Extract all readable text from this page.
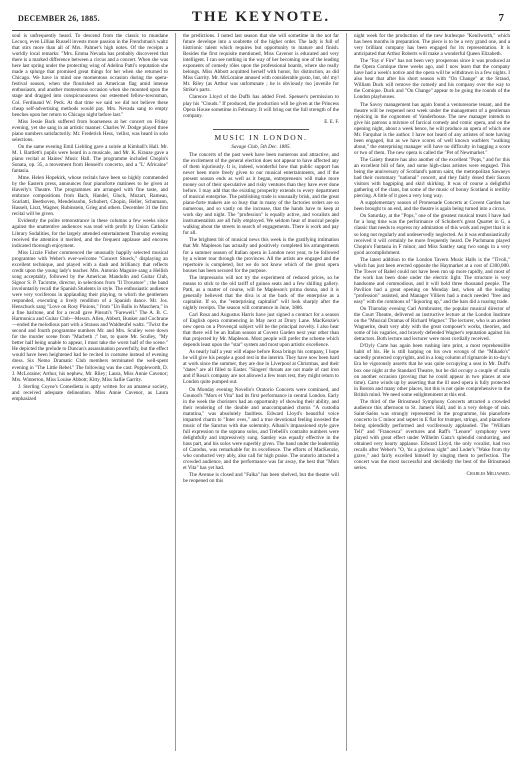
DECEMBER 26, 1885.	THE KEYNOTE.	7

soul is unfrequently heard. To descend from the classic to mundane Lecocq, even Lillian Russell invests more passion in the Frenchman's waltz that stirs more than all of Mrs. Palmer's high notes. Of the receipts a worldly local remarks: "Mrs. Emma Nevada has probably discovered that there is a marked difference between a circus and a concert. When she was here last spring under the protecting wing of Adelina Patti's reputation she made a splurge that promised great things for her when she returned to Chicago. We have in mind one momentous occasion during the opera-festival season, when she flourished an American flag amid intense enthusiasm, and another momentous occasion when she mounted upon the stage and dragged into conspicuousness our esteemed fellow-townsman, Col. Ferdinand W. Peck. At that time we said we did not believe these cheap self-advertising methods would pay. Mrs. Nevada sang to empty benches upon her return to Chicago night before last."

Miss Jessie Back suffered from hoarseness at her concert on Friday evening, yet she sang in an artistic manner. Charles W. Dodge played three piano numbers satisfactorily. Mr. Frederick Hess, 'cellist, was heard in solo selections.

On the same evening Emil Liebling gave a soirée at Kimball's Hall. Mr. M. I. Bartlett's pupils were heard in a musicale, and Mr. K. Krauze gave a piano recital at Haines' Music Hall. The programme included Chopin's Sonata, op. 35, a movement from Henselt's concerto, and a "L' Africaine" fantasia.

Mme. Helen Hopekirk, whose recitals have been so highly commended by the Eastern press, announces four pianoforte matinees to be given at Haverly's Theatre. The programmes are arranged with fine taste, and embrace compositions from Bach, Handel, Gluck, Mozart, Rameau, Scarlatti, Beethoven, Mendelssohn, Schubert, Chopin, Heller, Schumann, Hasselt, Liszt, Wagner, Rubinstein, Grieg and others. December 31 the first recital will be given.

Evidently the polite remonstrance in these columns a few weeks since against the unattentive audiences was read with profit by Union Catholic Library Sodalities, for the largely attended entertainment Thursday evening received the attention it merited, and the frequent applause and encores indicated thorough enjoyment.

Miss Lizzie Fisher commenced the unusually happily selected musical programme with Weber's ever-welcome "Concert Stueck," displaying an excellent technique, and played with a dash and brilliancy that reflects credit upon the young lady's teacher. Mrs. Antonio Maguire sang a Hellish song acceptably, followed by the American Mandolin and Guitar Club, Signor S. P. Tacirotte, director, in selections from "Il Trovatore" ; the band involuntarily recall the Spanish Students in style. The enthusiastic audience were very vociferous in applauding their playing, to which the gentlemen responded, executing a lively rendition of a Spanish dance. Mr. Jos. Henschuck sang "Love on Rosy Pinions," from "Un Ballo in Maschera," in a fine baritone, and for a recall gave Pinsuti's "Farewell." The A. B. C. Harmonica and Guitar Club—Messrs. Allen, Abbott, Bunker and Cochrane—ended the melodious part with a Strauss and Waldteufel waltz. "Twixt the second and fourth programme numbers Mr. and Mrs. Sculley were down for the murder scene from "Macbeth ;" but, to quote Mr. Sculley, "My better half being unable to appear, I must take the worst half of the scene." He depicted the prelude to Duncan's assassination powerfully, but the effect would have been heightened had he recited in costume instead of evening dress. Six Nemo Dramatic Club members terminated the well-spent evening in "The Little Rebel." The following was the cast: Poppleworth, D. J. McLoraine; Arthur, his nephew, Mr. Riley; Laura, Miss Annie Cavenor; Mrs. Winterton, Miss Louise Abbott; Kitty, Miss Sallie Garrity.

J. Sterling Coyne's Comedietta is aptly written for an amateur society, and received adequate delineation. Miss Annie Cavenor, as Laura emphasized

the predictions. I noted last season that she will sometime in the not far future develope into a soubrette of the higher order. The lady is full of histrionic talent which requires but opportunity to mature and finish. Besides the first requisite mentioned, Miss Cavenor is educated and very intelligent. I can see nothing in the way of her becoming one of the leading exponents of comedy rôles upon the professional boards, where she really belongs. Miss Abbott acquitted herself with honor, for distinction, as did Miss Garrity. Mr. McLoraine amused with considerable gusto, but, oh! my! Mr. Riley (as Arthur was unfortunate ; he is obviously too juvenile for Strike's parts.

Clarence Lloyd of the Duffs has added Fred. Spenser's permission to play his "Clouds." If produced, the production will be given at the Princess Opera House sometime in February. It will bring out the full strength of the company.

E. E. F.
MUSIC IN LONDON.
Savage Club, 5th Dec. 1885.

The concerts of the past week have been numerous and attractive, and the excitement of the general election does not appear to have affected any of them injuriously. It is, indeed, wonderful how that public support has never been more freely given to our musical entertainments, and if the present season ends as well as it began, entrepreneurs will make more money out of their speculative and risky ventures than they have ever done before. I may add that the existing prosperity extends to every department of musical enterprise. The publishing trade is unusually brisk, and the great piano-forte makers are so busy that in many of the factories orders are so numerous, and so vastly on the increase, that the hands have to keep at work day and night. The "profession" is equally active, and vocalists and instrumentalists are all fully employed. We seldom hear of musical people walking about the streets in search of engagements. There is work and pay for all.

The brightest bit of musical news this week is the gratifying intimation that Mr. Mapleson has actually and positively completed his arrangements for a summer season of Italian opera in London next year, to be followed by a winter tour through the provinces. All the artists are engaged and the repertoire is completed, but we do not know which of the great opera houses has been secured for the purpose.

The impressario will not try the experiment of reduced prices, so he means to stick to the old tariff of guinea seats and a few shilling gallery. Patti, as a matter of course, will be Mapleson's prima donna, and it is generally believed that the diva is at the back of the enterprise as a capitalist. If so, the "enterprising capitalist" will look sharply after the nightly receipts. The season will commence in June, 1886.

Carl Rosa and Augustus Harris have just signed a contract for a season of English opera commencing in May next at Drury Lane. MacKenzie's new opera on a Provençal subject will be the principal novelty. I also hear that there will be an Italian season at Covent Garden next year other than that projected by Mr. Mapleson. Most people will prefer the scheme which depends least upon the "star" system and most upon artistic excellence.

As nearly half a year will elapse before Rosa brings his company, I hope he will give his people a good rest in the interim. They have now been hard at work since the summer, they are due in Liverpool at Christmas, and their "dates" are all filled to Easter. "Singers' throats are not made of cast iron and if Rosa's company are not allowed a few tears rest, they might return to London quite pumped out.

On Monday evening Novello's Oratorio Concerts were continued, and Gounod's "Mors et Vita" had its first performance in central London. Early in the week the choristers had an opportunity of showing their ability, and their rendering of the double and unaccompanied chorus "A custodia matutina," was absolutely faultless. Edward Lloyd's beautiful voice imparted charm to "Inter oves," and a true devotional feeling invested the music of the Sanctus with due solemnity. Albani's impassioned style gave full expression to the soprano solos, and Trebelli's contralto numbers were delightfully and impressively sung. Santley was equally effective in the bass part, and his solos were superbly given. The band under the leadership of Carodus, was remarkable for its excellence. The efforts of MacKenzie, who conducted very ably, also call for high praise. The oratorio attracted a crowded audience, and the performance was far away, the best that "Mors et Vita" has yet had.

The Avenue is closed and "Falka" has been shelved, but the theatre will be reopened on this

night week for the production of the new burlesque "Kenilworth," which has been months in preparation. The piece is to be a very grand one, and a very brilliant company has been engaged for its representation. It is anticipated that Arthur Roberts will make a wonderful Queen Elizabeth.

The "Fay o' Fire" has not been very prosperous since it was produced at the Opera Comique three weeks ago, and I now learn that the company have had a week's notice and the opera will be withdrawn in a few nights. I also hear that after his short season with "On Change" at the Strand, William Duck will remove the comedy and his company over the way to the Comique. Duck and "On Change" appear to be going the rounds of the London playhouses.

The Savoy management has again found a venturesome tenant, and the theatre will be reopened next week under the management of a gentleman rejoicing in the cognomen of Vanderbosse. The new manager intends to give his patrons a mixture of farcical comedy and comic opera, and on the opening night, about a week hence, he will produce an opera of which one Mr. Farquhar is the author. I have not heard of any artistes of note having been engaged, but as we have scores of well known warblers "walking about," the enterprising manager will have no difficulty in bagging a score or two of them. The new opera is called the "Pet of Newmarket."

The Gaiety theatre has also another of the excellent "Pops," and for this an excellent bill of fare, and some high-class artistes were engaged. This being the anniversary of Scotland's patron saint, the metropolitan Sawneys had their customary "national" concert, and they fairly dosed their Saxon visitors with bagpiping and skirl skirking. It was of course a delightful gathering of the clans, but some of the music of bonny Scotland is terribly piercing. A little of it goes a very long way.

A supplementary season of Promenade Concerts at Covent Garden has been brought to an end, and the theatre is again being turned into a circus.

On Saturday, at the "Pops," one of the greatest musical treats I have had for a long time was the performance of Schubert's great Quartet in G, a classic that needs to express my admiration of this work and regret that it is so long not regularly and undeservedly neglected. As it was enthusiastically received it will certainly be more frequently heard. De Pachmann played Chopin's Fantasia in F minor, and Miss Santley sang two songs in a very good accomplishment.

The latest addition to the London Tavern Music Halls is the "Tivoli," which has just been erected opposite the Haymarket at a cost of £300,000. The Tower of Babel could not have been run up more rapidly, and most of the work has been done under the electric light. The structure is very handsome and commodious, and it will hold three thousand people. The Pavilion had a great opening on Monday last, when all the leading "profession" assisted, and Manager Villiers had a much needed "free and easy" with the commons of "liquoring up," and the bars did a roaring trade.

On Thursday evening Carl Armbruster, the popular musical director of the Court Theatre, delivered an instructive lecture at the London Institute on the "Musical Dramas of Richard Wagner." The lecturer, who is an ardent Wagnerite, dealt very ably with the great composer's works, theories, and some of his vagaries, and bravely defended Wagner's reputation against his detractors. Both lecture and lecturer were most cordially received.

D'Oyly Carte has again been rushing into print, a most reprehensible habit of his. He is still harping on his own wrongs of the "Mikado's" sacredly protected copyrights, and in a long column of rigmarole in to-day's Era he vigorously asserts that he was quite occupying a seat in Mr. Duff's box one night at the Standard Theatre, but he did occupy a couple of stalls on another occasion (proving that he could appear in two places at one time). Carte winds up by asserting that the ill used opera is fully protected in Boston and many other places, but this is not quite comprehensive to the British mind. We need some enlightenment at this end.

The third of the Brinsmead Symphony Concerts attracted a crowded audience this afternoon to St. James's Hall, and in a very deluge of rain. Saint-Saëns was strongly represented in the programme, his pianoforte concerto in C minor and septet in E flat for trumpet, strings, and pianoforte being splendidly performed and vociferously applauded. The "William Tell" and "Francesca" overtures and Raff's "Lenore" symphony were played with great effect under Wilhelm Ganz's splendid conducting, and obtained very hearty applause. Edward Lloyd, the only vocalist, had two recalls after Weber's "O, 'tis a glorious sight" and Loder's "Wake from thy grave," and fairly excelled himself by singing them to perfection. The concert was the most successful and decidedly the best of the Brinsmead series.

Charles Millward.
